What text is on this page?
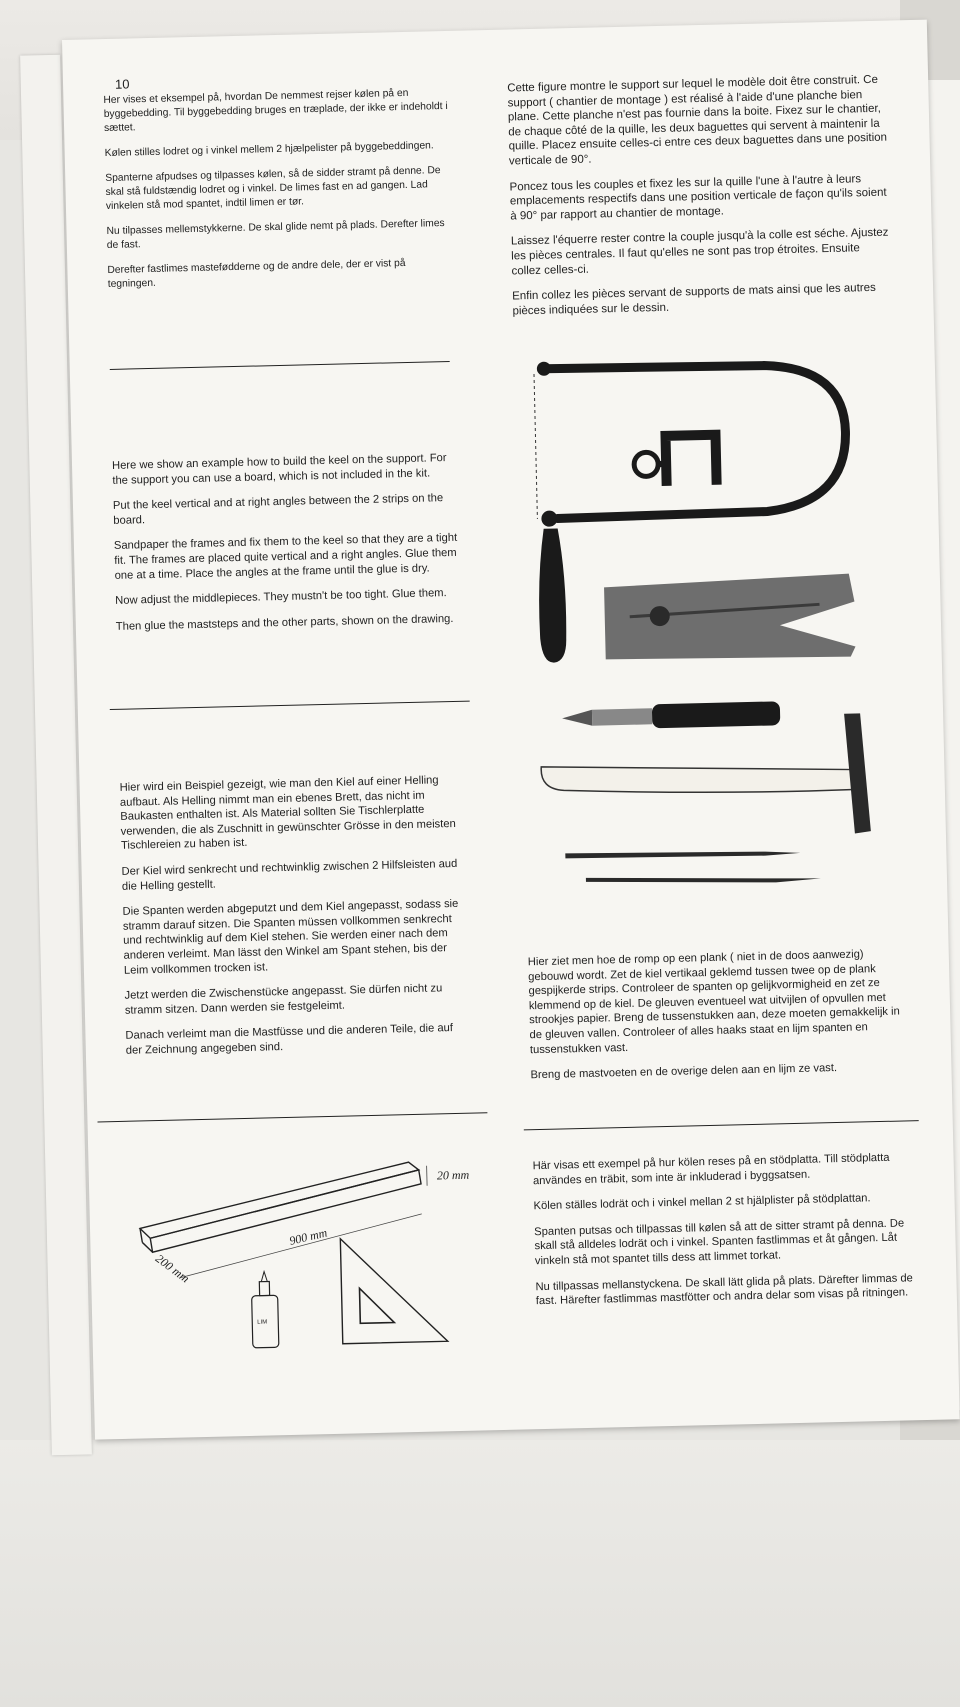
10

Her vises et eksempel på, hvordan De nemmest rejser kølen på en byggebedding. Til byggebedding bruges en træplade, der ikke er indeholdt i sættet.

Kølen stilles lodret og i vinkel mellem 2 hjælpelister på byggebeddingen.

Spanterne afpudses og tilpasses kølen, så de sidder stramt på denne. De skal stå fuldstændig lodret og i vinkel. De limes fast en ad gangen. Lad vinkelen stå mod spantet, indtil limen er tør.

Nu tilpasses mellemstykkerne. De skal glide nemt på plads. Derefter limes de fast.

Derefter fastlimes mastefødderne og de andre dele, der er vist på tegningen.

Here we show an example how to build the keel on the support. For the support you can use a board, which is not included in the kit.

Put the keel vertical and at right angles between the 2 strips on the board.

Sandpaper the frames and fix them to the keel so that they are a tight fit. The frames are placed quite vertical and a right angles. Glue them one at a time. Place the angles at the frame until the glue is dry.

Now adjust the middlepieces. They mustn't be too tight. Glue them.

Then glue the maststeps and the other parts, shown on the drawing.

Hier wird ein Beispiel gezeigt, wie man den Kiel auf einer Helling aufbaut. Als Helling nimmt man ein ebenes Brett, das nicht im Baukasten enthalten ist. Als Material sollten Sie Tischlerplatte verwenden, die als Zuschnitt in gewünschter Grösse in den meisten Tischlereien zu haben ist.

Der Kiel wird senkrecht und rechtwinklig zwischen 2 Hilfsleisten aud die Helling gestellt.

Die Spanten werden abgeputzt und dem Kiel angepasst, sodass sie stramm darauf sitzen. Die Spanten müssen vollkommen senkrecht und rechtwinklig auf dem Kiel stehen. Sie werden einer nach dem anderen verleimt. Man lässt den Winkel am Spant stehen, bis der Leim vollkommen trocken ist.

Jetzt werden die Zwischenstücke angepasst. Sie dürfen nicht zu stramm sitzen. Dann werden sie festgeleimt.

Danach verleimt man die Mastfüsse und die anderen Teile, die auf der Zeichnung angegeben sind.

Cette figure montre le support sur lequel le modèle doit être construit. Ce support ( chantier de montage ) est réalisé à l'aide d'une planche bien plane. Cette planche n'est pas fournie dans la boite. Fixez sur le chantier, de chaque côté de la quille, les deux baguettes qui servent à maintenir la quille. Placez ensuite celles-ci entre ces deux baguettes dans une position verticale de 90°.

Poncez tous les couples et fixez les sur la quille l'une à l'autre à leurs emplacements respectifs dans une position verticale de façon qu'ils soient à 90° par rapport au chantier de montage.

Laissez l'équerre rester contre la couple jusqu'à la colle est séche. Ajustez les pièces centrales. Il faut qu'elles ne sont pas trop étroites. Ensuite collez celles-ci.

Enfin collez les pièces servant de supports de mats ainsi que les autres pièces indiquées sur le dessin.

Hier ziet men hoe de romp op een plank ( niet in de doos aanwezig) gebouwd wordt. Zet de kiel vertikaal geklemd tussen twee op de plank gespijkerde strips. Controleer de spanten op gelijkvormigheid en zet ze klemmend op de kiel. De gleuven eventueel wat uitvijlen of opvullen met strookjes papier. Breng de tussenstukken aan, deze moeten gemakkelijk in de gleuven vallen. Controleer of alles haaks staat en lijm spanten en tussenstukken vast.

Breng de mastvoeten en de overige delen aan en lijm ze vast.

Här visas ett exempel på hur kölen reses på en stödplatta. Till stödplatta användes en träbit, som inte är inkluderad i byggsatsen.

Kölen ställes lodrät och i vinkel mellan 2 st hjälplister på stödplattan.

Spanten putsas och tillpassas till kølen så att de sitter stramt på denna. De skall stå alldeles lodrät och i vinkel. Spanten fastlimmas et åt gången. Låt vinkeln stå mot spantet tills dess att limmet torkat.

Nu tillpassas mellanstyckena. De skall lätt glida på plats. Därefter limmas de fast. Härefter fastlimmas mastfötter och andra delar som visas på ritningen.

20 mm
900 mm
200 mm
LIM
